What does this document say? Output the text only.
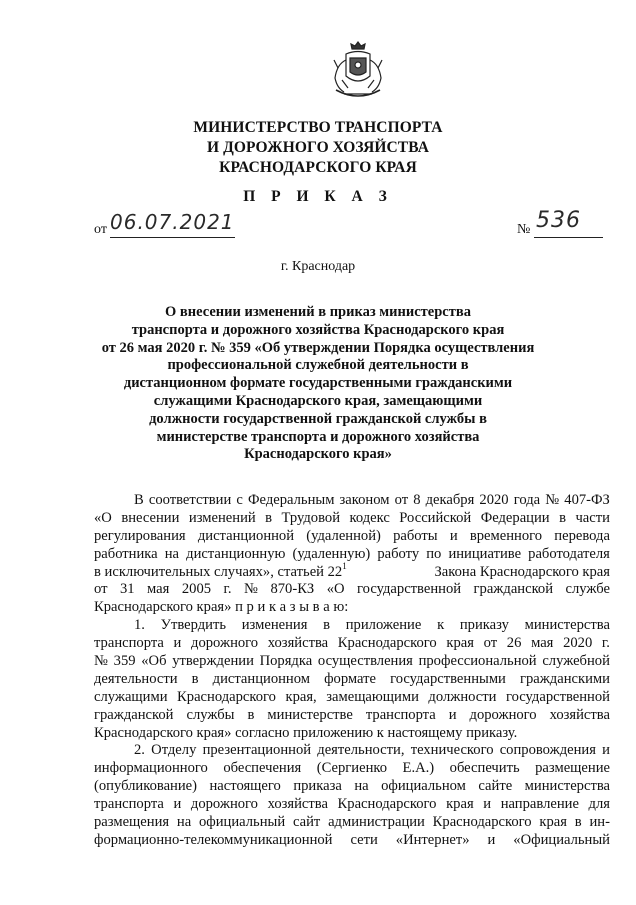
МИНИСТЕРСТВО ТРАНСПОРТА
И ДОРОЖНОГО ХОЗЯЙСТВА
КРАСНОДАРСКОГО КРАЯ
П Р И К А З
от 06.07.2021	№ 536
г. Краснодар
О внесении изменений в приказ министерства
транспорта и дорожного хозяйства Краснодарского края
от 26 мая 2020 г. № 359 «Об утверждении Порядка осуществления
профессиональной служебной деятельности в
дистанционном формате государственными гражданскими
служащими Краснодарского края, замещающими
должности государственной гражданской службы в
министерстве транспорта и дорожного хозяйства
Краснодарского края»
В соответствии с Федеральным законом от 8 декабря 2020 года № 407-ФЗ
«О внесении изменений в Трудовой кодекс Российской Федерации в части
регулирования дистанционной (удаленной) работы и временного перевода
работника на дистанционную (удаленную) работу по инициативе работодателя
в исключительных случаях», статьей $22^1$	Закона Краснодарского края
от 31 мая 2005 г. № 870-КЗ «О государственной гражданской службе
Краснодарского края» п р и к а з ы в а ю:
1. Утвердить изменения в приложение к приказу министерства
транспорта и дорожного хозяйства Краснодарского края от 26 мая 2020 г.
№ 359 «Об утверждении Порядка осуществления профессиональной служебной
деятельности в дистанционном формате государственными гражданскими
служащими Краснодарского края, замещающими должности государственной
гражданской службы в министерстве транспорта и дорожного хозяйства
Краснодарского края» согласно приложению к настоящему приказу.
2. Отделу презентационной деятельности, технического сопровождения и
информационного обеспечения (Сергиенко Е.А.) обеспечить размещение
(опубликование) настоящего приказа на официальном сайте министерства
транспорта и дорожного хозяйства Краснодарского края и направление для
размещения на официальный сайт администрации Краснодарского края в ин-
формационно-телекоммуникационной сети «Интернет» и «Официальный
